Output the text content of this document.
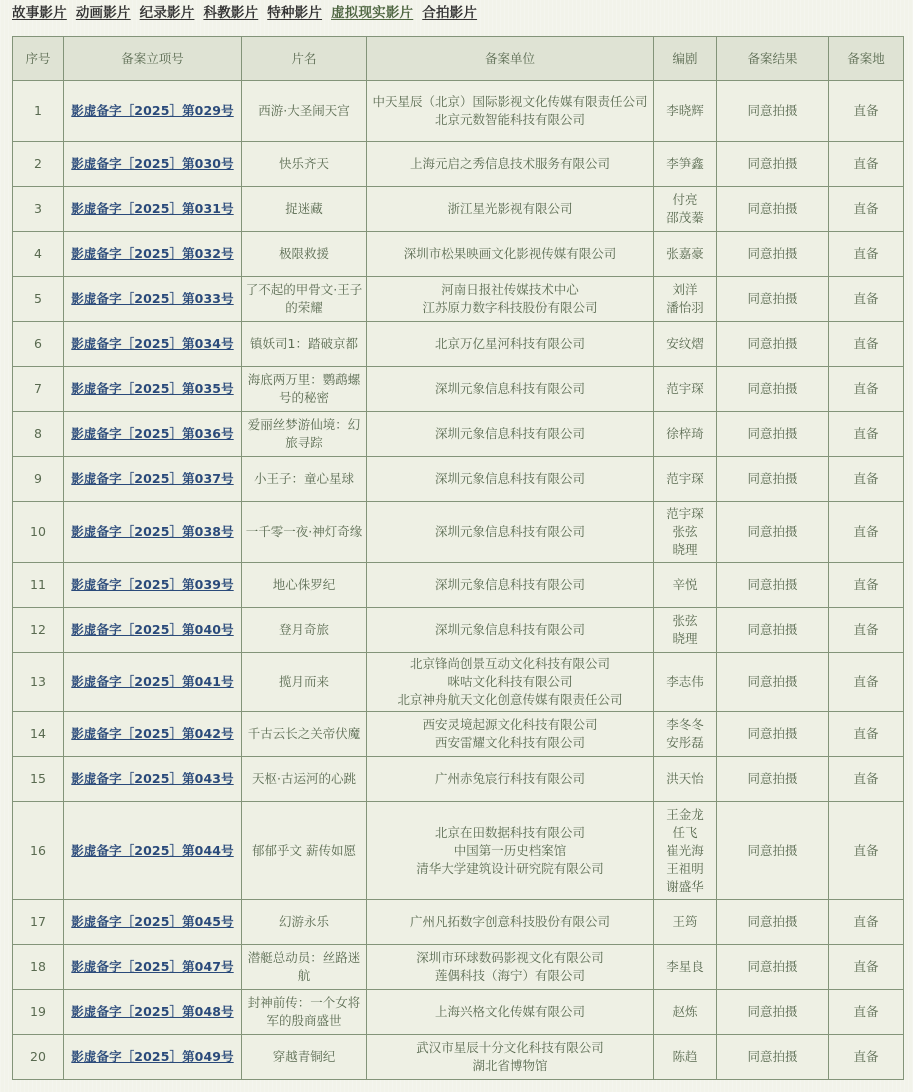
故事影片 动画影片 纪录影片 科教影片 特种影片 虚拟现实影片 合拍影片
序号	备案立项号	片名	备案单位	编剧	备案结果	备案地
1	影虚备字［2025］第029号	西游·大圣闹天宫	中天星辰（北京）国际影视文化传媒有限责任公司
北京元数智能科技有限公司	李晓辉	同意拍摄	直备
2	影虚备字［2025］第030号	快乐齐天	上海元启之秀信息技术服务有限公司	李笋鑫	同意拍摄	直备
3	影虚备字［2025］第031号	捉迷藏	浙江星光影视有限公司	付亮
邵茂蓁	同意拍摄	直备
4	影虚备字［2025］第032号	极限救援	深圳市松果映画文化影视传媒有限公司	张嘉豪	同意拍摄	直备
5	影虚备字［2025］第033号	了不起的甲骨文·王子的荣耀	河南日报社传媒技术中心
江苏原力数字科技股份有限公司	刘洋
潘怡羽	同意拍摄	直备
6	影虚备字［2025］第034号	镇妖司1：踏破京都	北京万亿星河科技有限公司	安纹熠	同意拍摄	直备
7	影虚备字［2025］第035号	海底两万里：鹦鹉螺号的秘密	深圳元象信息科技有限公司	范宇琛	同意拍摄	直备
8	影虚备字［2025］第036号	爱丽丝梦游仙境：幻旅寻踪	深圳元象信息科技有限公司	徐梓琦	同意拍摄	直备
9	影虚备字［2025］第037号	小王子：童心星球	深圳元象信息科技有限公司	范宇琛	同意拍摄	直备
10	影虚备字［2025］第038号	一千零一夜·神灯奇缘	深圳元象信息科技有限公司	范宇琛
张弦
晓理	同意拍摄	直备
11	影虚备字［2025］第039号	地心侏罗纪	深圳元象信息科技有限公司	辛悦	同意拍摄	直备
12	影虚备字［2025］第040号	登月奇旅	深圳元象信息科技有限公司	张弦
晓理	同意拍摄	直备
13	影虚备字［2025］第041号	揽月而来	北京锋尚创景互动文化科技有限公司
咪咕文化科技有限公司
北京神舟航天文化创意传媒有限责任公司	李志伟	同意拍摄	直备
14	影虚备字［2025］第042号	千古云长之关帝伏魔	西安灵境起源文化科技有限公司
西安雷耀文化科技有限公司	李冬冬
安彤磊	同意拍摄	直备
15	影虚备字［2025］第043号	天枢·古运河的心跳	广州赤兔宸行科技有限公司	洪天怡	同意拍摄	直备
16	影虚备字［2025］第044号	郁郁乎文 薪传如愿	北京在田数据科技有限公司
中国第一历史档案馆
清华大学建筑设计研究院有限公司	王金龙
任飞
崔光海
王祖明
谢盛华	同意拍摄	直备
17	影虚备字［2025］第045号	幻游永乐	广州凡拓数字创意科技股份有限公司	王筠	同意拍摄	直备
18	影虚备字［2025］第047号	潜艇总动员：丝路迷航	深圳市环球数码影视文化有限公司
莲偶科技（海宁）有限公司	李星良	同意拍摄	直备
19	影虚备字［2025］第048号	封神前传：一个女将军的殷商盛世	上海兴格文化传媒有限公司	赵炼	同意拍摄	直备
20	影虚备字［2025］第049号	穿越青铜纪	武汉市星辰十分文化科技有限公司
湖北省博物馆	陈趋	同意拍摄	直备
